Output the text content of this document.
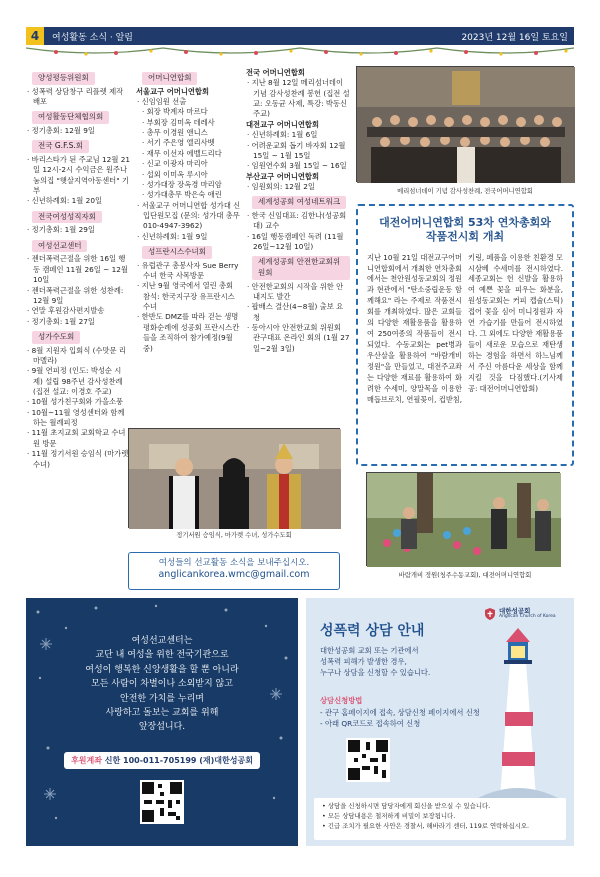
4	여성활동 소식 · 알림	2023년 12월 16일 토요일
양성평등위원회

· 성폭력 상담창구 리플렛 제작 배포

여성활동단체협의회

· 정기총회: 12월 9일

전국 G.F.S.회

· 바리스타가 된 주교님 12월 21일 12시-2시 수익금은 원주나눔의집 "햇살지역아동센터" 기부

· 신년하례회: 1월 20일

전국여성성직자회

· 정기총회: 1월 29일

여성선교센터

· 젠더폭력근절을 위한 16일 행동 캠페인 11월 26일 ~ 12월 10일

· 젠더폭력근절을 위한 성찬례: 12월 9일

· 연말 후원감사편지발송

· 정기총회: 1월 27일

성가수도회

· 8월 지원자 입회식 (수맛문 리마멜라)

· 9월 연피정 (인도: 박성순 시제) 설립 98주년 감사성찬례 (집전 설교: 이경호 주교)

· 10월 성가친구회와 가을소풍

· 10월~11월 영성센터와 함께하는 월례피정

· 11월 초지교회 교회학교 수녀원 방문

· 11월 정기서원 승임식 (마가렛 수녀)

어머니연합회

서울교구 어머니연합회

· 신임임원 선출

· 회장 박계자 마르다

· 부회장 김미옥 데레사

· 총무 이경원 앤니스

· 서기 주은영 엘리사벳

· 재무 이선자 에벨드리다

· 신교 이광자 마리아

· 섭외 이미옥 루시아

· 성가대장 장옥경 마리암

· 성가대총무 박은숙 애린

· 서울교구 어머니연합 성가대 신입단원모집 (문의: 성가대 총무 010-4947-3962)

· 신년하례회: 1월 9일

성프란시스수녀회

· 유럽관구 총봉사자 Sue Berry수녀 한국 사목방문

· 지난 9월 영국에서 열린 총회 참석: 한국지구장 유프란시스 수녀

· 한반도 DMZ를 따라 걷는 생명평화순례에 성공회 프란시스칸들을 조직하여 참가예정(9월 중)

전국 어머니연합회

· 지난 8월 12일 메리섬너데이 기념 감사성찬례 봉헌 (집전 설교: 오동균 사제, 특강: 박동신 주교)

대전교구 어머니연합회

· 신년하례회: 1월 6일

· 어려운교회 돕기 바자회 12월 15일 ~ 1월 15일

· 임원연수회 3월 15일 ~ 16일

부산교구 어머니연합회

· 임원회의: 12월 2일

세계성공회 여성네트워크

· 한국 신임대표: 김한나(성공회대) 교수

· 16일 행동캠페인 독려 (11월 26일~12월 10일)

세계성공회 안전한교회위원회

· 안전한교회의 시작을 위한 안내지도 발간

· 팝배스 결산(4~8월) 출보 요청

· 동아시아 안전한교회 위원회 관구대표 온라인 회의 (1월 27일~2월 3일)

정기서원 승임식, 마가렛 수녀, 성가수도회
여성들의 선교활동 소식을 보내주십시오.
anglicankorea.wmc@gmail.com
메리섬너데이 기념 감사성찬례, 전국어머니연합회
대전어머니연합회 53차 연차총회와
작품전시회 개최

지난 10월 21일 대전교구어머니연합회에서 개최한 연차총회에서는 천안원성동교회의 정원과 현관에서 "탄소중립운동 함께해요" 라는 주제로 작품전시회를 개최하였다. 많은 교회들의 다양한 재활용품을 활용하여 250여종의 작품들이 전시 되었다. 수동교회는 pet병과 우산살을 활용하여 "바람개비 정원"을 만들었고, 대전주교좌는 다양한 재료를 활용하여 화려한 수세미, 양말목을 이용한 매듭브로치, 연필꽂이, 컵받침, 키링, 페품을 이용한 친환경 모시삼베 수세미를 전시하였다. 세종교회는 헌 신발을 활용하여 예쁜 꽃을 피우는 화분을, 원성동교회는 커피 캡슐(스틱) 접어 꽃을 심어 미니정원과 자연 가습기를 만들어 전시하였다. 그 외에도 다양한 재활용품들이 새로운 모습으로 재탄생하는 경험을 하면서 하느님께서 주신 아름다운 세상을 함께 지킬 것을 다짐했다.(기사제공: 대전어머니연합회)

바람개비 정원(청주수동교회), 대전어머니연합회
여성선교센터는
교단 내 여성을 위한 전국기관으로
여성이 행복한 신앙생활을 할 뿐 아니라
모든 사람이 차별이나 소외받지 않고
안전한 가치를 누리며
사랑하고 돌보는 교회를 위해
앞장섭니다.
후원계좌 신한 100-011-705199 (재)대한성공회
대한성공회
Anglican Church of Korea
성폭력 상담 안내
대한성공회 교회 또는 기관에서
성폭력 피해가 발생한 경우,
누구나 상담을 신청할 수 있습니다.
상담신청방법
- 관구 홈페이지에 접속, 상담신청 페이지에서 신청
- 아래 QR코드로 접속하여 신청
• 상담을 신청하시면 담당자에게 회신을 받으실 수 있습니다.
• 모든 상담내용은 철저하게 비밀이 보장됩니다.
• 긴급 조치가 필요한 사안은 경찰서, 해바라기 센터, 119로 연락하십시오.
